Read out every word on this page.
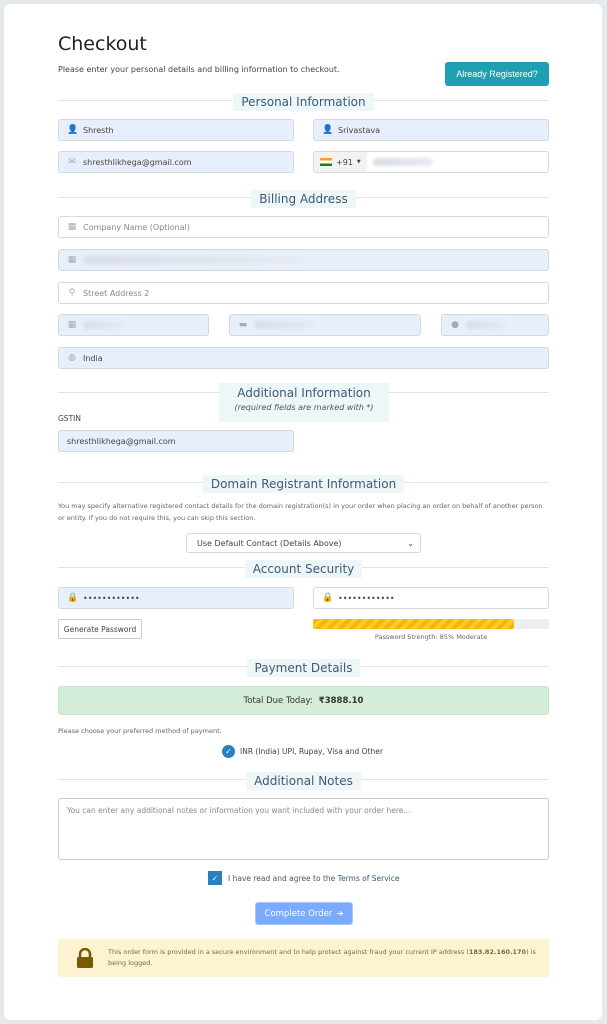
Checkout
Please enter your personal details and billing information to checkout.	Already Registered?
Personal Information
👤 Shresth	👤 Srivastava
✉ shresthlikhega@gmail.com	+91 ▼
Billing Address
▦ Company Name (Optional)
▦
⚲ Street Address 2
▦	▬	●
◍ India
Additional Information
(required fields are marked with *)
GSTIN
shresthlikhega@gmail.com
Domain Registrant Information
You may specify alternative registered contact details for the domain registration(s) in your order when placing an order on behalf of another person or entity. If you do not require this, you can skip this section.
Use Default Contact (Details Above)	⌄
Account Security
🔒 ••••••••••••	🔒 ••••••••••••
Generate Password
Password Strength: 85% Moderate
Payment Details
Total Due Today: ₹3888.10
Please choose your preferred method of payment.
✓	INR (India) UPI, Rupay, Visa and Other
Additional Notes
You can enter any additional notes or information you want included with your order here...
✓	I have read and agree to the Terms of Service
Complete Order ➔
This order form is provided in a secure environment and to help protect against fraud your current IP address (183.82.160.170) is being logged.
